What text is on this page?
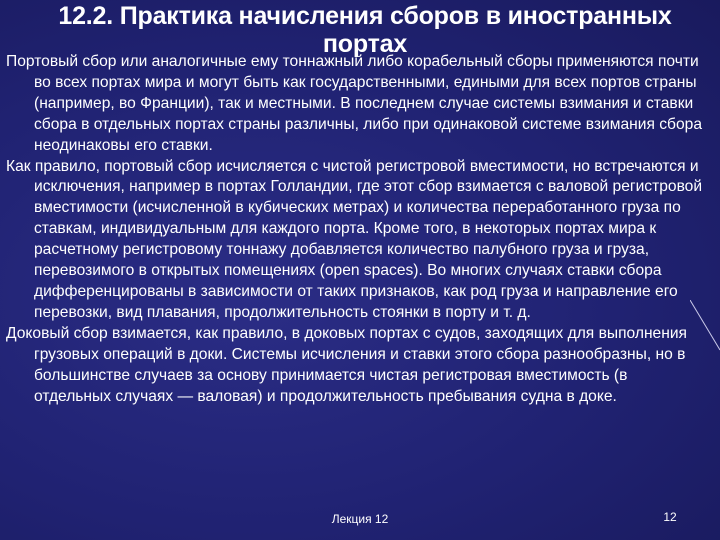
12.2. Практика начисления сборов в иностранных портах

Портовый сбор или аналогичные ему тоннажный либо корабельный сборы применяются почти во всех портах мира и могут быть как государственными, едиными для всех портов страны (например, во Франции), так и местными. В последнем случае системы взимания и ставки сбора в отдельных портах страны различны, либо при одинаковой системе взимания сбора неодинаковы его ставки.

Как правило, портовый сбор исчисляется с чистой регистровой вместимости, но встречаются и исключения, например в портах Голландии, где этот сбор взимается с валовой регистровой вместимости (исчисленной в кубических метрах) и количества переработанного груза по ставкам, индивидуальным для каждого порта. Кроме того, в некоторых портах мира к расчетному регистровому тоннажу добавляется количество палубного груза и груза, перевозимого в открытых помещениях (open spaces). Во многих случаях ставки сбора дифференцированы в зависимости от таких признаков, как род груза и направление его перевозки, вид плавания, продолжительность стоянки в порту и т. д.

Доковый сбор взимается, как правило, в доковых портах с судов, заходящих для выполнения грузовых операций в доки. Системы исчисления и ставки этого сбора разнообразны, но в большинстве случаев за основу принимается чистая регистровая вместимость (в отдельных случаях — валовая) и продолжительность пребывания судна в доке.

Лекция 12	12
